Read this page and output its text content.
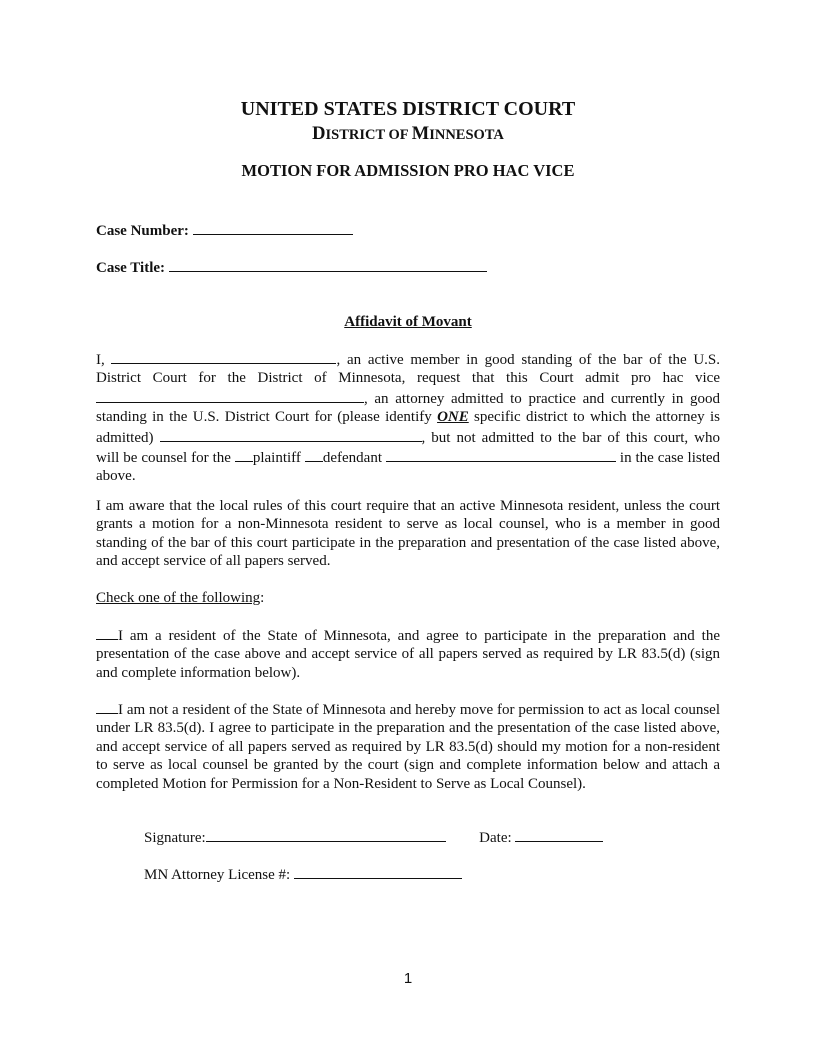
UNITED STATES DISTRICT COURT
DISTRICT OF MINNESOTA
MOTION FOR ADMISSION PRO HAC VICE
Case Number:
Case Title:
Affidavit of Movant
I,	, an active member in good standing of the bar of the U.S. District Court for the District of Minnesota, request that this Court admit pro hac vice , an attorney admitted to practice and currently in good standing in the U.S. District Court for (please identify ONE specific district to which the attorney is admitted)	, but not admitted to the bar of this court, who will be counsel for the plaintiff defendant	in the case listed above.
I am aware that the local rules of this court require that an active Minnesota resident, unless the court grants a motion for a non-Minnesota resident to serve as local counsel, who is a member in good standing of the bar of this court participate in the preparation and presentation of the case listed above, and accept service of all papers served.
Check one of the following:
I am a resident of the State of Minnesota, and agree to participate in the preparation and the presentation of the case above and accept service of all papers served as required by LR 83.5(d) (sign and complete information below).
I am not a resident of the State of Minnesota and hereby move for permission to act as local counsel under LR 83.5(d). I agree to participate in the preparation and the presentation of the case listed above, and accept service of all papers served as required by LR 83.5(d) should my motion for a non-resident to serve as local counsel be granted by the court (sign and complete information below and attach a completed Motion for Permission for a Non-Resident to Serve as Local Counsel).
Signature:	Date:
MN Attorney License #:
1
